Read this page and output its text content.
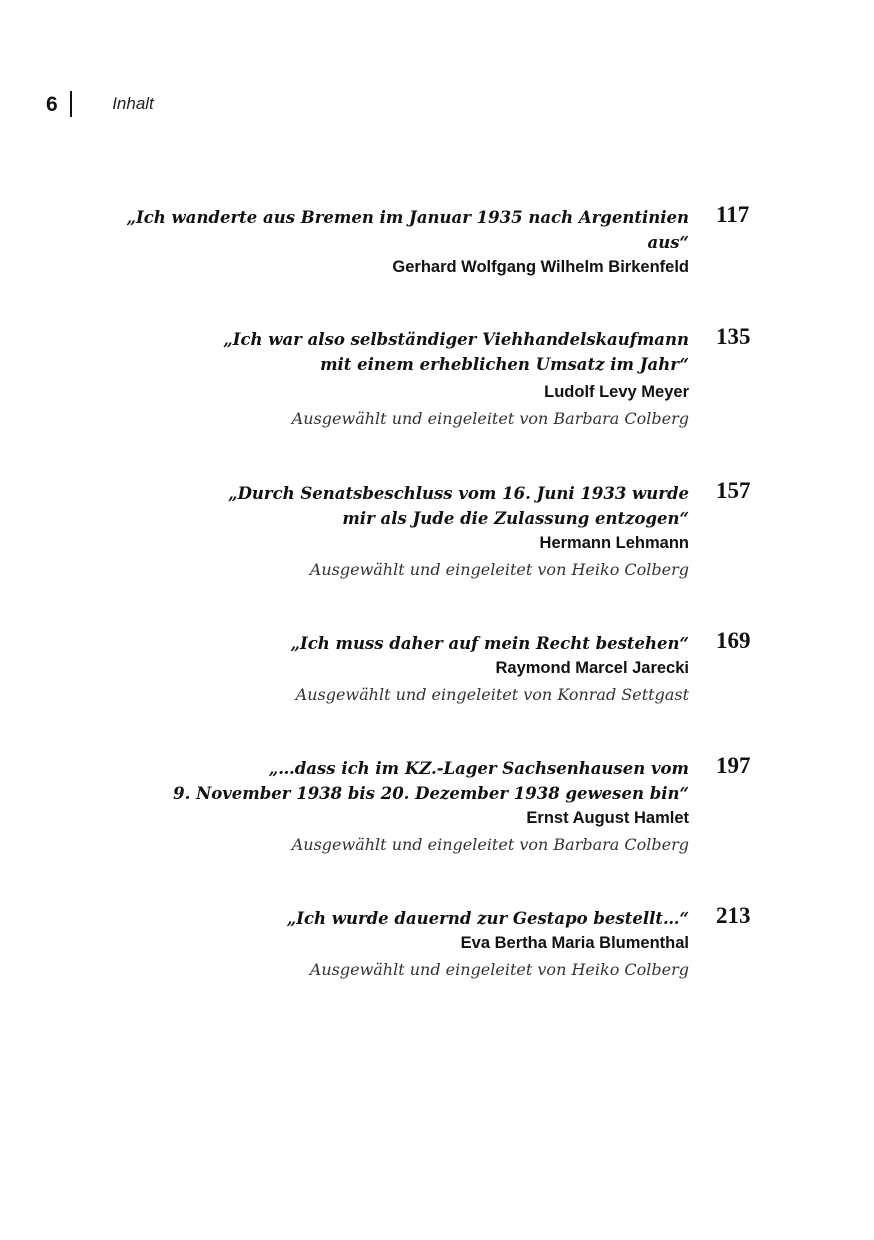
6	Inhalt
„Ich wanderte aus Bremen im Januar 1935 nach Argentinien aus“
Gerhard Wolfgang Wilhelm Birkenfeld
117
„Ich war also selbständiger Viehhandelskaufmann
mit einem erheblichen Umsatz im Jahr“
Ludolf Levy Meyer
Ausgewählt und eingeleitet von Barbara Colberg
135
„Durch Senatsbeschluss vom 16. Juni 1933 wurde
mir als Jude die Zulassung entzogen“
Hermann Lehmann
Ausgewählt und eingeleitet von Heiko Colberg
157
„Ich muss daher auf mein Recht bestehen“
Raymond Marcel Jarecki
Ausgewählt und eingeleitet von Konrad Settgast
169
„…dass ich im KZ.-Lager Sachsenhausen vom
9. November 1938 bis 20. Dezember 1938 gewesen bin“
Ernst August Hamlet
Ausgewählt und eingeleitet von Barbara Colberg
197
„Ich wurde dauernd zur Gestapo bestellt…“
Eva Bertha Maria Blumenthal
Ausgewählt und eingeleitet von Heiko Colberg
213
